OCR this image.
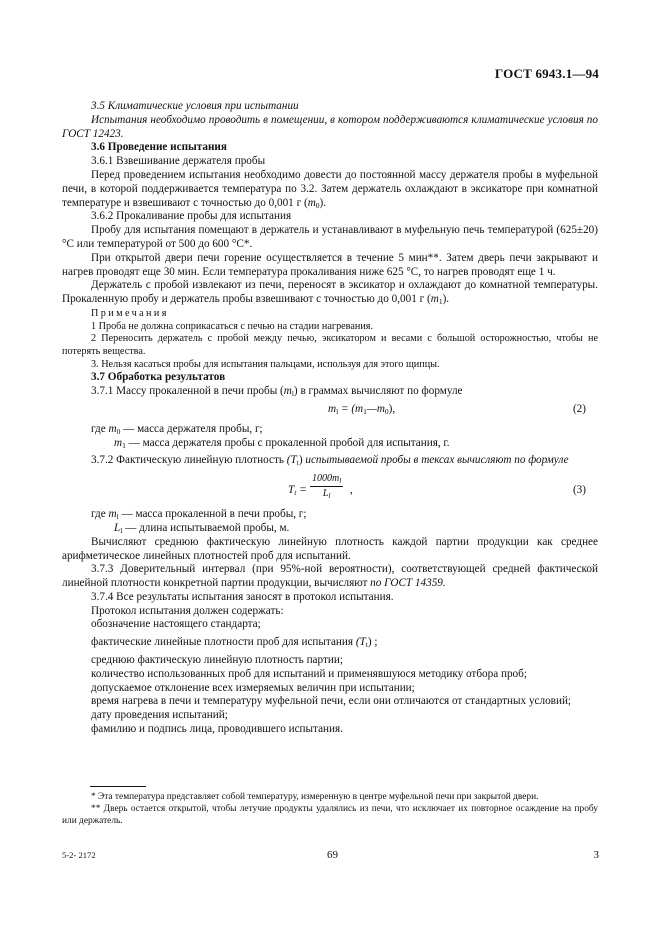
ГОСТ 6943.1—94

3.5 Климатические условия при испытании

Испытания необходимо проводить в помещении, в котором поддерживаются климатические условия по ГОСТ 12423.

3.6 Проведение испытания

3.6.1 Взвешивание держателя пробы

Перед проведением испытания необходимо довести до постоянной массу держателя пробы в муфельной печи, в которой поддерживается температура по 3.2. Затем держатель охлаждают в эксикаторе при комнатной температуре и взвешивают с точностью до 0,001 г $(m_0)$.

3.6.2 Прокаливание пробы для испытания

Пробу для испытания помещают в держатель и устанавливают в муфельную печь температурой (625±20) °С или температурой от 500 до 600 °С*.

При открытой двери печи горение осуществляется в течение 5 мин**. Затем дверь печи закрывают и нагрев проводят еще 30 мин. Если температура прокаливания ниже 625 °С, то нагрев проводят еще 1 ч.

Держатель с пробой извлекают из печи, переносят в эксикатор и охлаждают до комнатной температуры. Прокаленную пробу и держатель пробы взвешивают с точностью до 0,001 г $(m_1)$.

Примечания

1 Проба не должна соприкасаться с печью на стадии нагревания.

2 Переносить держатель с пробой между печью, эксикатором и весами с большой осторожностью, чтобы не потерять вещества.

3. Нельзя касаться пробы для испытания пальцами, используя для этого щипцы.

3.7 Обработка результатов

3.7.1 Массу прокаленной в печи пробы $(m_l)$ в граммах вычисляют по формуле

$m_l$ = $(m_1—m_0)$,	(2)

где $m_0$ — масса держателя пробы, г;

$m_1$ — масса держателя пробы с прокаленной пробой для испытания, г.

3.7.2 Фактическую линейную плотность $(T_t)$ испытываемой пробы в тексах вычисляют по формуле

$T_t = \frac{1000m_l}{L_l}$ ,	(3)

где $m_l$ — масса прокаленной в печи пробы, г;

$L_l$ — длина испытываемой пробы, м.

Вычисляют среднюю фактическую линейную плотность каждой партии продукции как среднее арифметическое линейных плотностей проб для испытаний.

3.7.3 Доверительный интервал (при 95%-ной вероятности), соответствующей средней фактической линейной плотности конкретной партии продукции, вычисляют по ГОСТ 14359.

3.7.4 Все результаты испытания заносят в протокол испытания.

Протокол испытания должен содержать:

обозначение настоящего стандарта;

фактические линейные плотности проб для испытания $(T_t)$ ;

среднюю фактическую линейную плотность партии;

количество использованных проб для испытаний и применявшуюся методику отбора проб;

допускаемое отклонение всех измеряемых величин при испытании;

время нагрева в печи и температуру муфельной печи, если они отличаются от стандартных условий;

дату проведения испытаний;

фамилию и подпись лица, проводившего испытания.

* Эта температура представляет собой температуру, измеренную в центре муфельной печи при закрытой двери.

** Дверь остается открытой, чтобы летучие продукты удалялись из печи, что исключает их повторное осаждение на пробу или держатель.

5-2- 2172	69	3
